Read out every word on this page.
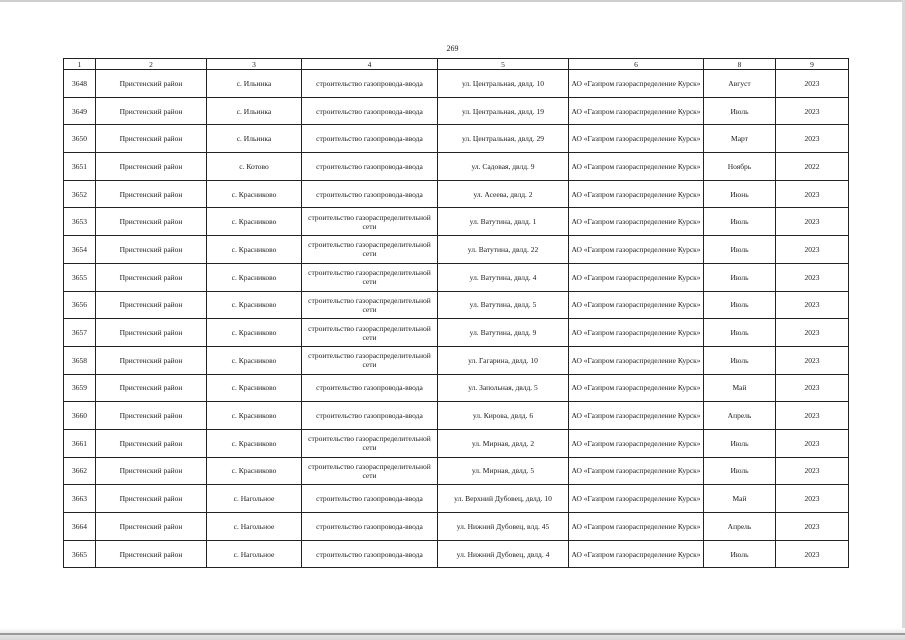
269
1	2	3	4	5	6	8	9
3648	Пристенский район	с. Ильинка	строительство газопровода-ввода	ул. Центральная, двлд. 10	АО «Газпром газораспределение Курск»	Август	2023
3649	Пристенский район	с. Ильинка	строительство газопровода-ввода	ул. Центральная, двлд. 19	АО «Газпром газораспределение Курск»	Июль	2023
3650	Пристенский район	с. Ильинка	строительство газопровода-ввода	ул. Центральная, двлд. 29	АО «Газпром газораспределение Курск»	Март	2023
3651	Пристенский район	с. Котово	строительство газопровода-ввода	ул. Садовая, двлд. 9	АО «Газпром газораспределение Курск»	Ноябрь	2022
3652	Пристенский район	с. Красниково	строительство газопровода-ввода	ул. Асеева, двлд. 2	АО «Газпром газораспределение Курск»	Июнь	2023
3653	Пристенский район	с. Красниково	строительство газораспределительной сети	ул. Ватутина, двлд. 1	АО «Газпром газораспределение Курск»	Июль	2023
3654	Пристенский район	с. Красниково	строительство газораспределительной сети	ул. Ватутина, двлд. 22	АО «Газпром газораспределение Курск»	Июль	2023
3655	Пристенский район	с. Красниково	строительство газораспределительной сети	ул. Ватутина, двлд. 4	АО «Газпром газораспределение Курск»	Июль	2023
3656	Пристенский район	с. Красниково	строительство газораспределительной сети	ул. Ватутина, двлд. 5	АО «Газпром газораспределение Курск»	Июль	2023
3657	Пристенский район	с. Красниково	строительство газораспределительной сети	ул. Ватутина, двлд. 9	АО «Газпром газораспределение Курск»	Июль	2023
3658	Пристенский район	с. Красниково	строительство газораспределительной сети	ул. Гагарина, двлд. 10	АО «Газпром газораспределение Курск»	Июль	2023
3659	Пристенский район	с. Красниково	строительство газопровода-ввода	ул. Запольная, двлд. 5	АО «Газпром газораспределение Курск»	Май	2023
3660	Пристенский район	с. Красниково	строительство газопровода-ввода	ул. Кирова, двлд. 6	АО «Газпром газораспределение Курск»	Апрель	2023
3661	Пристенский район	с. Красниково	строительство газораспределительной сети	ул. Мирная, двлд. 2	АО «Газпром газораспределение Курск»	Июль	2023
3662	Пристенский район	с. Красниково	строительство газораспределительной сети	ул. Мирная, двлд. 5	АО «Газпром газораспределение Курск»	Июль	2023
3663	Пристенский район	с. Нагольное	строительство газопровода-ввода	ул. Верхний Дубовец, двлд. 10	АО «Газпром газораспределение Курск»	Май	2023
3664	Пристенский район	с. Нагольное	строительство газопровода-ввода	ул. Нижний Дубовец, влд. 45	АО «Газпром газораспределение Курск»	Апрель	2023
3665	Пристенский район	с. Нагольное	строительство газопровода-ввода	ул. Нижний Дубовец, двлд. 4	АО «Газпром газораспределение Курск»	Июль	2023
